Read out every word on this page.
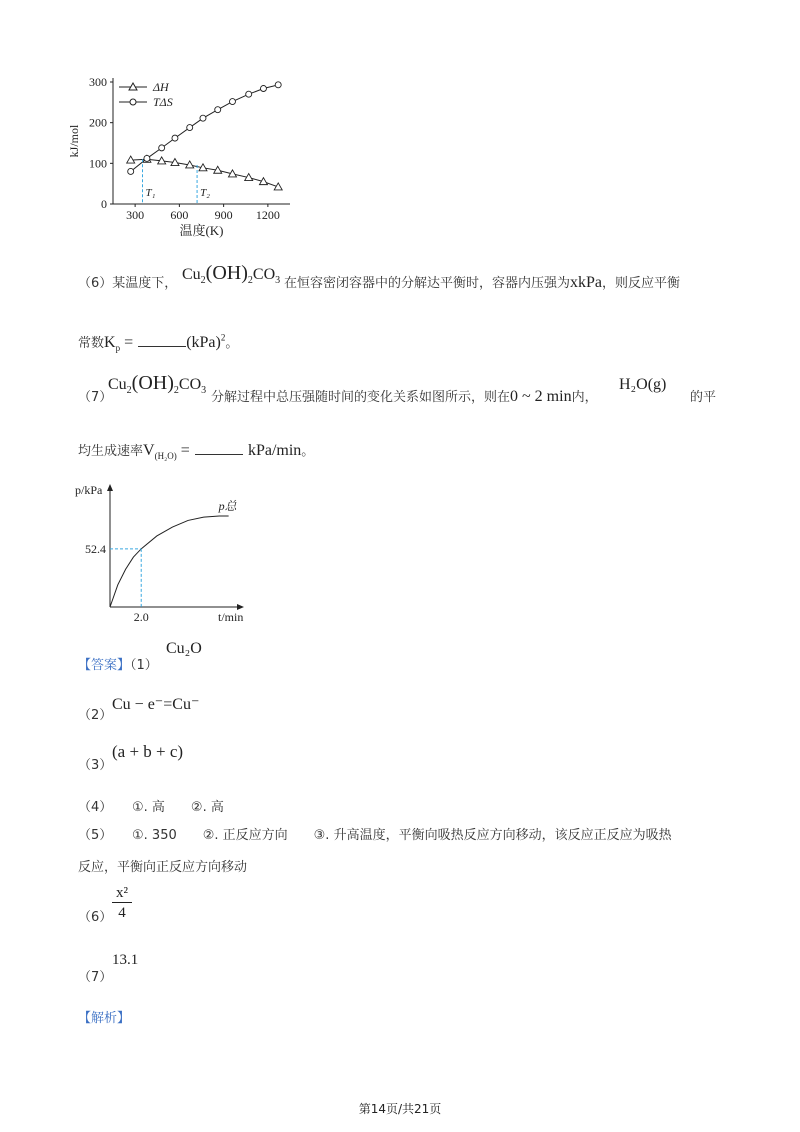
300 600 900 1200
0
100
200
300
kJ/mol
温度(K)
T₁	T₂
ΔH
TΔS
（6）某温度下，
$Cu_2(OH)_2CO_3$ 在恒容密闭容器中的分解达平衡时，容器内压强为xkPa，则反应平衡
常数$K_p$ =	(kPa)$^2$。
（7）
$Cu_2(OH)_2CO_3$ 分解过程中总压强随时间的变化关系如图所示，则在0 ~ 2 min内，
H₂O(g)
的平
均生成速率$V_{(H_2O)}$ =	kPa/min。
p/kPa
t/min
52.4
2.0
p总
【答案】（1）
Cu₂O
（2）
Cu − e⁻=Cu⁻
（3）
(a + b + c)
（4） ①. 高　　②. 高
（5） ①. 350　　②. 正反应方向　　③. 升高温度，平衡向吸热反应方向移动，该反应正反应为吸热
反应，平衡向正反应方向移动
（6）
x²
4
（7）
13.1
【解析】
第14页/共21页
